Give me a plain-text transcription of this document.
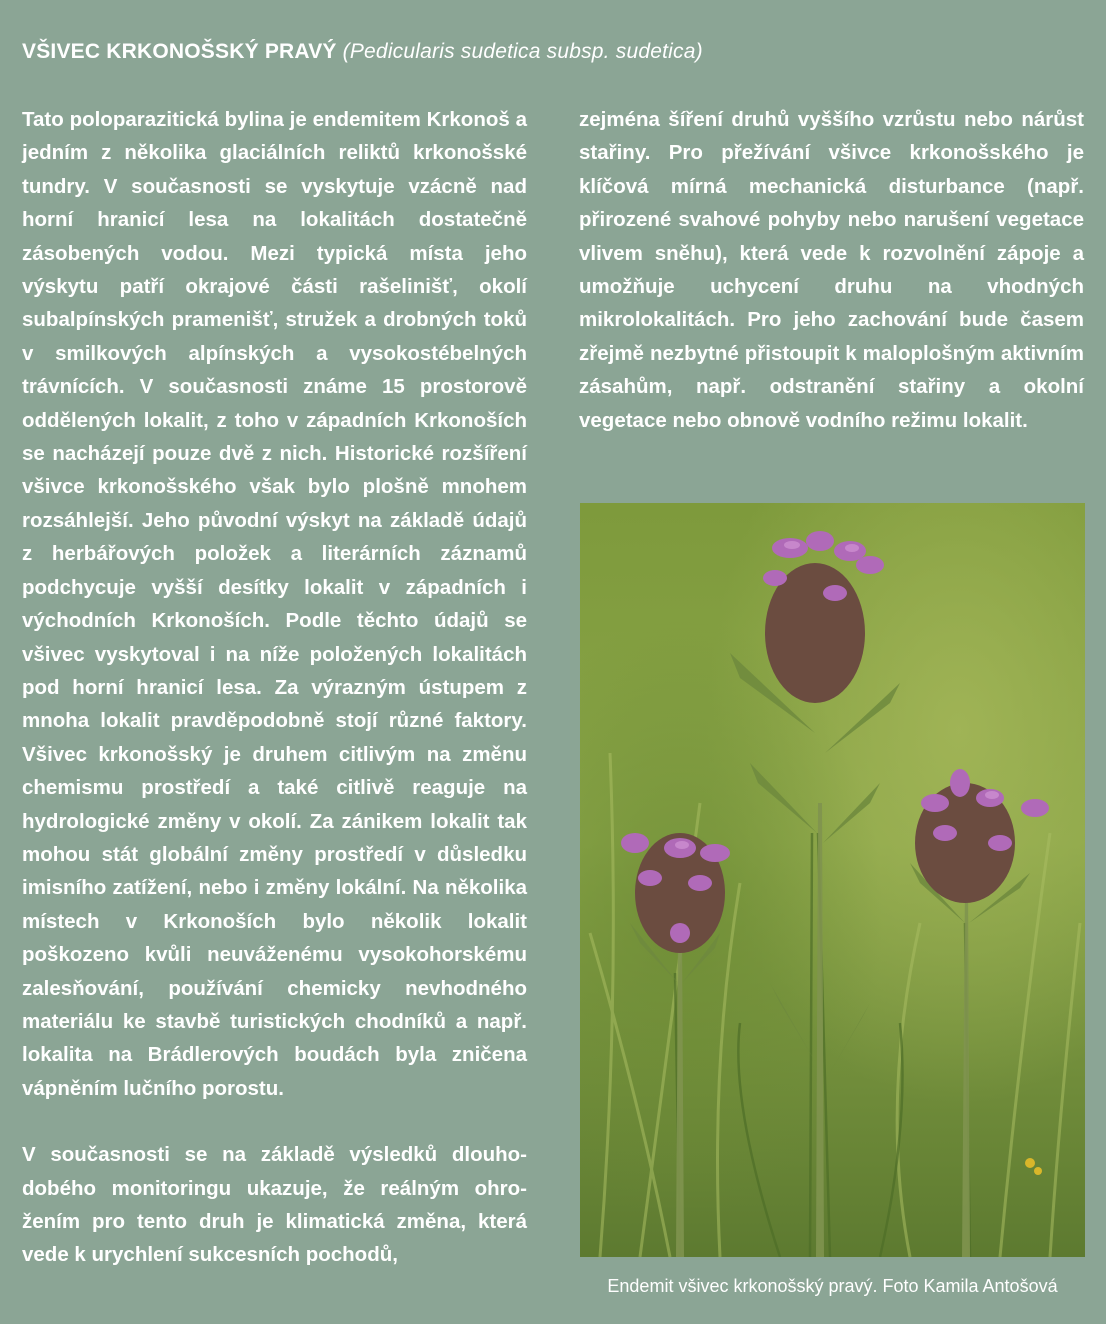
VŠIVEC KRKONOŠSKÝ PRAVÝ (Pedicularis sudetica subsp. sudetica)

Tato poloparazitická bylina je endemitem Krkonoš a jedním z několika glaciálních reliktů krkonošské tundry. V současnosti se vyskytuje vzácně nad horní hranicí lesa na lokalitách dostatečně zásobených vodou. Mezi typická místa jeho výskytu patří okrajové části rašelinišť, okolí subalpínských pramenišť, stružek a drobných toků v smilkových alpínských a vysokostébelných trávnících. V současnosti známe 15 prostorově oddělených lokalit, z toho v západních Krkonoších se nacházejí pouze dvě z nich. Historické rozšíření všivce krkonošského však bylo plošně mnohem rozsáhlejší. Jeho původní výskyt na základě údajů z herbářových položek a literárních záznamů podchycuje vyšší desítky lokalit v západních i východních Krkonoších. Podle těchto údajů se všivec vyskytoval i na níže položených lokalitách pod horní hranicí lesa. Za výrazným ústupem z mnoha lokalit pravděpodobně stojí různé faktory. Všivec krkonošský je druhem citlivým na změnu chemismu prostředí a také citlivě reaguje na hydrologické změny v okolí. Za zánikem lokalit tak mohou stát globální změny prostředí v důsledku imisního zatížení, nebo i změny lokální. Na několika místech v Krkonoších bylo několik lokalit poškozeno kvůli neuváženému vysokohorskému zalesňování, používání chemicky nevhodného materiálu ke stavbě turistických chodníků a např. lokalita na Brádlerových boudách byla zničena vápněním lučního porostu.

V současnosti se na základě výsledků dlouhodobého monitoringu ukazuje, že reálným ohrožením pro tento druh je klimatická změna, která vede k urychlení sukcesních pochodů,

zejména šíření druhů vyššího vzrůstu nebo nárůst stařiny. Pro přežívání všivce krkonošského je klíčová mírná mechanická disturbance (např. přirozené svahové pohyby nebo narušení vegetace vlivem sněhu), která vede k rozvolnění zápoje a umožňuje uchycení druhu na vhodných mikrolokalitách. Pro jeho zachování bude časem zřejmě nezbytné přistoupit k maloplošným aktivním zásahům, např. odstranění stařiny a okolní vegetace nebo obnově vodního režimu lokalit.

Endemit všivec krkonošský pravý. Foto Kamila Antošová
